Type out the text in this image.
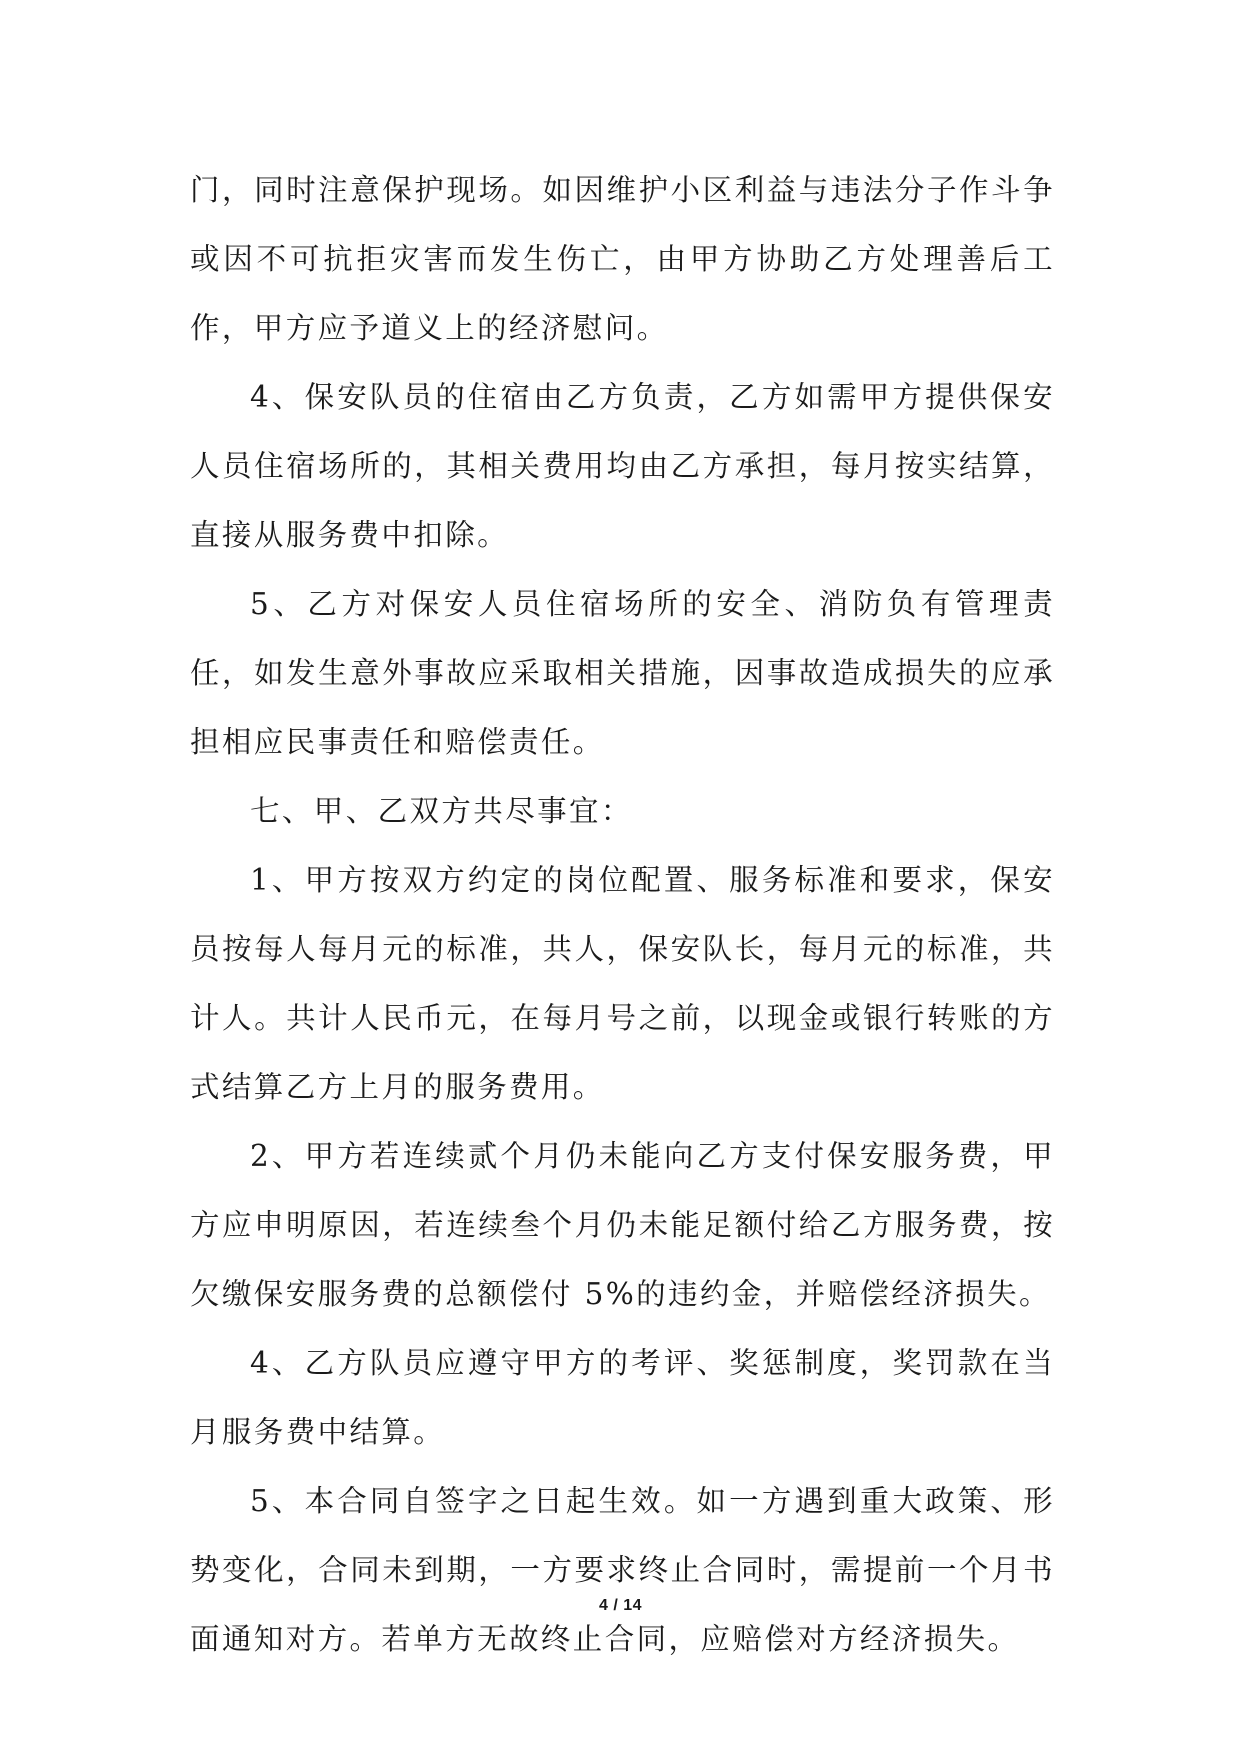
门，同时注意保护现场。如因维护小区利益与违法分子作斗争或因不可抗拒灾害而发生伤亡，由甲方协助乙方处理善后工作，甲方应予道义上的经济慰问。

4、保安队员的住宿由乙方负责，乙方如需甲方提供保安人员住宿场所的，其相关费用均由乙方承担，每月按实结算，直接从服务费中扣除。

5、乙方对保安人员住宿场所的安全、消防负有管理责任，如发生意外事故应采取相关措施，因事故造成损失的应承担相应民事责任和赔偿责任。

七、甲、乙双方共尽事宜：

1、甲方按双方约定的岗位配置、服务标准和要求，保安员按每人每月元的标准，共人，保安队长，每月元的标准，共计人。共计人民币元，在每月号之前，以现金或银行转账的方式结算乙方上月的服务费用。

2、甲方若连续贰个月仍未能向乙方支付保安服务费，甲方应申明原因，若连续叁个月仍未能足额付给乙方服务费，按欠缴保安服务费的总额偿付 5%的违约金，并赔偿经济损失。

4、乙方队员应遵守甲方的考评、奖惩制度，奖罚款在当月服务费中结算。

5、本合同自签字之日起生效。如一方遇到重大政策、形势变化，合同未到期，一方要求终止合同时，需提前一个月书面通知对方。若单方无故终止合同，应赔偿对方经济损失。

4 / 14
